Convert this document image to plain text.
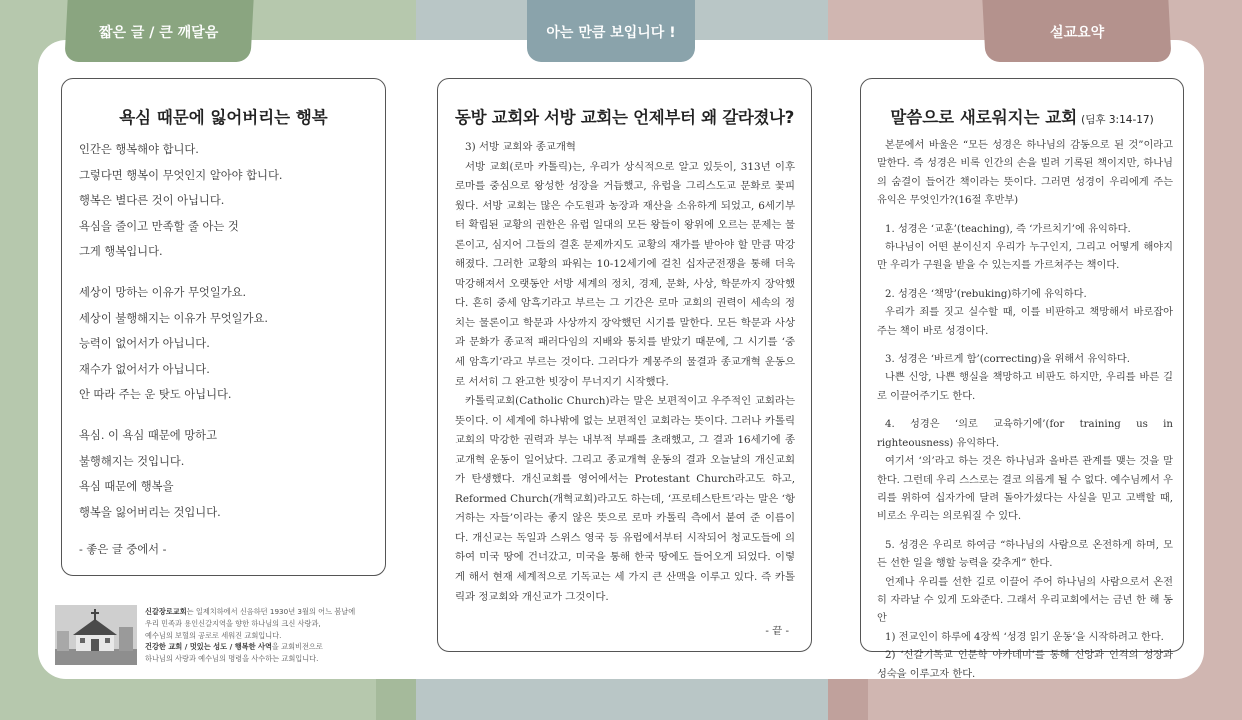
짧은 글 / 큰 깨달음	아는 만큼 보입니다 !	설교요약
욕심 때문에 잃어버리는 행복
인간은 행복해야 합니다.
그렇다면 행복이 무엇인지 알아야 합니다.
행복은 별다른 것이 아닙니다.
욕심을 줄이고 만족할 줄 아는 것
그게 행복입니다.
세상이 망하는 이유가 무엇일가요.
세상이 불행해지는 이유가 무엇일가요.
능력이 없어서가 아닙니다.
재수가 없어서가 아닙니다.
안 따라 주는 운 탓도 아닙니다.
욕심. 이 욕심 때문에 망하고
불행해지는 것입니다.
욕심 때문에 행복을
행복을 잃어버리는 것입니다.
- 좋은 글 중에서 -
신갈장로교회는 일제치하에서 신음하던 1930년 3월의 어느 봄날에
우리 민족과 용인신갈지역을 향한 하나님의 크신 사랑과,
예수님의 보혈의 공로로 세워진 교회입니다.
건강한 교회 / 멋있는 성도 / 행복한 사역을 교회비전으로
하나님의 사랑과 예수님의 명령을 사수하는 교회입니다.
동방 교회와 서방 교회는 언제부터 왜 갈라졌나?

3) 서방 교회와 종교개혁

서방 교회(로마 카톨릭)는, 우리가 상식적으로 알고 있듯이, 313년 이후 로마를 중심으로 왕성한 성장을 거듭했고, 유럽을 그리스도교 문화로 꽃피웠다. 서방 교회는 많은 수도원과 농장과 재산을 소유하게 되었고, 6세기부터 확립된 교황의 권한은 유럽 일대의 모든 왕들이 왕위에 오르는 문제는 물론이고, 심지어 그들의 결혼 문제까지도 교황의 재가를 받아야 할 만큼 막강해졌다. 그러한 교황의 파워는 10-12세기에 걸친 십자군전쟁을 통해 더욱 막강해져서 오랫동안 서방 세계의 정치, 경제, 문화, 사상, 학문까지 장악했다. 흔히 중세 암흑기라고 부르는 그 기간은 로마 교회의 권력이 세속의 정치는 물론이고 학문과 사상까지 장악했던 시기를 말한다. 모든 학문과 사상과 문화가 종교적 패러다임의 지배와 통치를 받았기 때문에, 그 시기를 ‘중세 암흑기’라고 부르는 것이다. 그러다가 계몽주의 물결과 종교개혁 운동으로 서서히 그 완고한 빗장이 무너지기 시작했다.

카톨릭교회(Catholic Church)라는 말은 보편적이고 우주적인 교회라는 뜻이다. 이 세계에 하나밖에 없는 보편적인 교회라는 뜻이다. 그러나 카톨릭 교회의 막강한 권력과 부는 내부적 부패를 초래했고, 그 결과 16세기에 종교개혁 운동이 일어났다. 그리고 종교개혁 운동의 결과 오늘날의 개신교회가 탄생했다. 개신교회를 영어에서는 Protestant Church라고도 하고, Reformed Church(개혁교회)라고도 하는데, ‘프로테스탄트’라는 말은 ‘항거하는 자들’이라는 좋지 않은 뜻으로 로마 카톨릭 측에서 붙여 준 이름이다. 개신교는 독일과 스위스 영국 등 유럽에서부터 시작되어 청교도들에 의하여 미국 땅에 건너갔고, 미국을 통해 한국 땅에도 들어오게 되었다. 이렇게 해서 현재 세계적으로 기독교는 세 가지 큰 산맥을 이루고 있다. 즉 카톨릭과 정교회와 개신교가 그것이다.

- 끝 -
말씀으로 새로워지는 교회 (딤후 3:14-17)

본문에서 바울은 “모든 성경은 하나님의 감동으로 된 것”이라고 말한다. 즉 성경은 비록 인간의 손을 빌려 기록된 책이지만, 하나님의 숨결이 들어간 책이라는 뜻이다. 그러면 성경이 우리에게 주는 유익은 무엇인가?(16절 후반부)

1. 성경은 ‘교훈’(teaching), 즉 ‘가르치기’에 유익하다.

하나님이 어떤 분이신지 우리가 누구인지, 그리고 어떻게 해야지만 우리가 구원을 받을 수 있는지를 가르쳐주는 책이다.

2. 성경은 ‘책망’(rebuking)하기에 유익하다.

우리가 죄를 짓고 실수할 때, 이를 비판하고 책망해서 바로잡아 주는 책이 바로 성경이다.

3. 성경은 ‘바르게 함’(correcting)을 위해서 유익하다.

나쁜 신앙, 나쁜 행실을 책망하고 비판도 하지만, 우리를 바른 길로 이끌어주기도 한다.

4. 성경은 ‘의로 교육하기에’(for training us in righteousness) 유익하다.

여기서 ‘의’라고 하는 것은 하나님과 올바른 관계를 맺는 것을 말한다. 그런데 우리 스스로는 결코 의롭게 될 수 없다. 예수님께서 우리를 위하여 십자가에 달려 돌아가셨다는 사실을 믿고 고백할 때, 비로소 우리는 의로워질 수 있다.

5. 성경은 우리로 하여금 “하나님의 사람으로 온전하게 하며, 모든 선한 일을 행할 능력을 갖추게” 한다.

언제나 우리를 선한 길로 이끌어 주어 하나님의 사람으로서 온전히 자라날 수 있게 도와준다. 그래서 우리교회에서는 금년 한 해 동안

1) 전교인이 하루에 4장씩 ‘성경 읽기 운동’을 시작하려고 한다.

2) ‘신갈기독교 인문학 아카데미’를 통해 신앙과 인격의 성장과 성숙을 이루고자 한다.
